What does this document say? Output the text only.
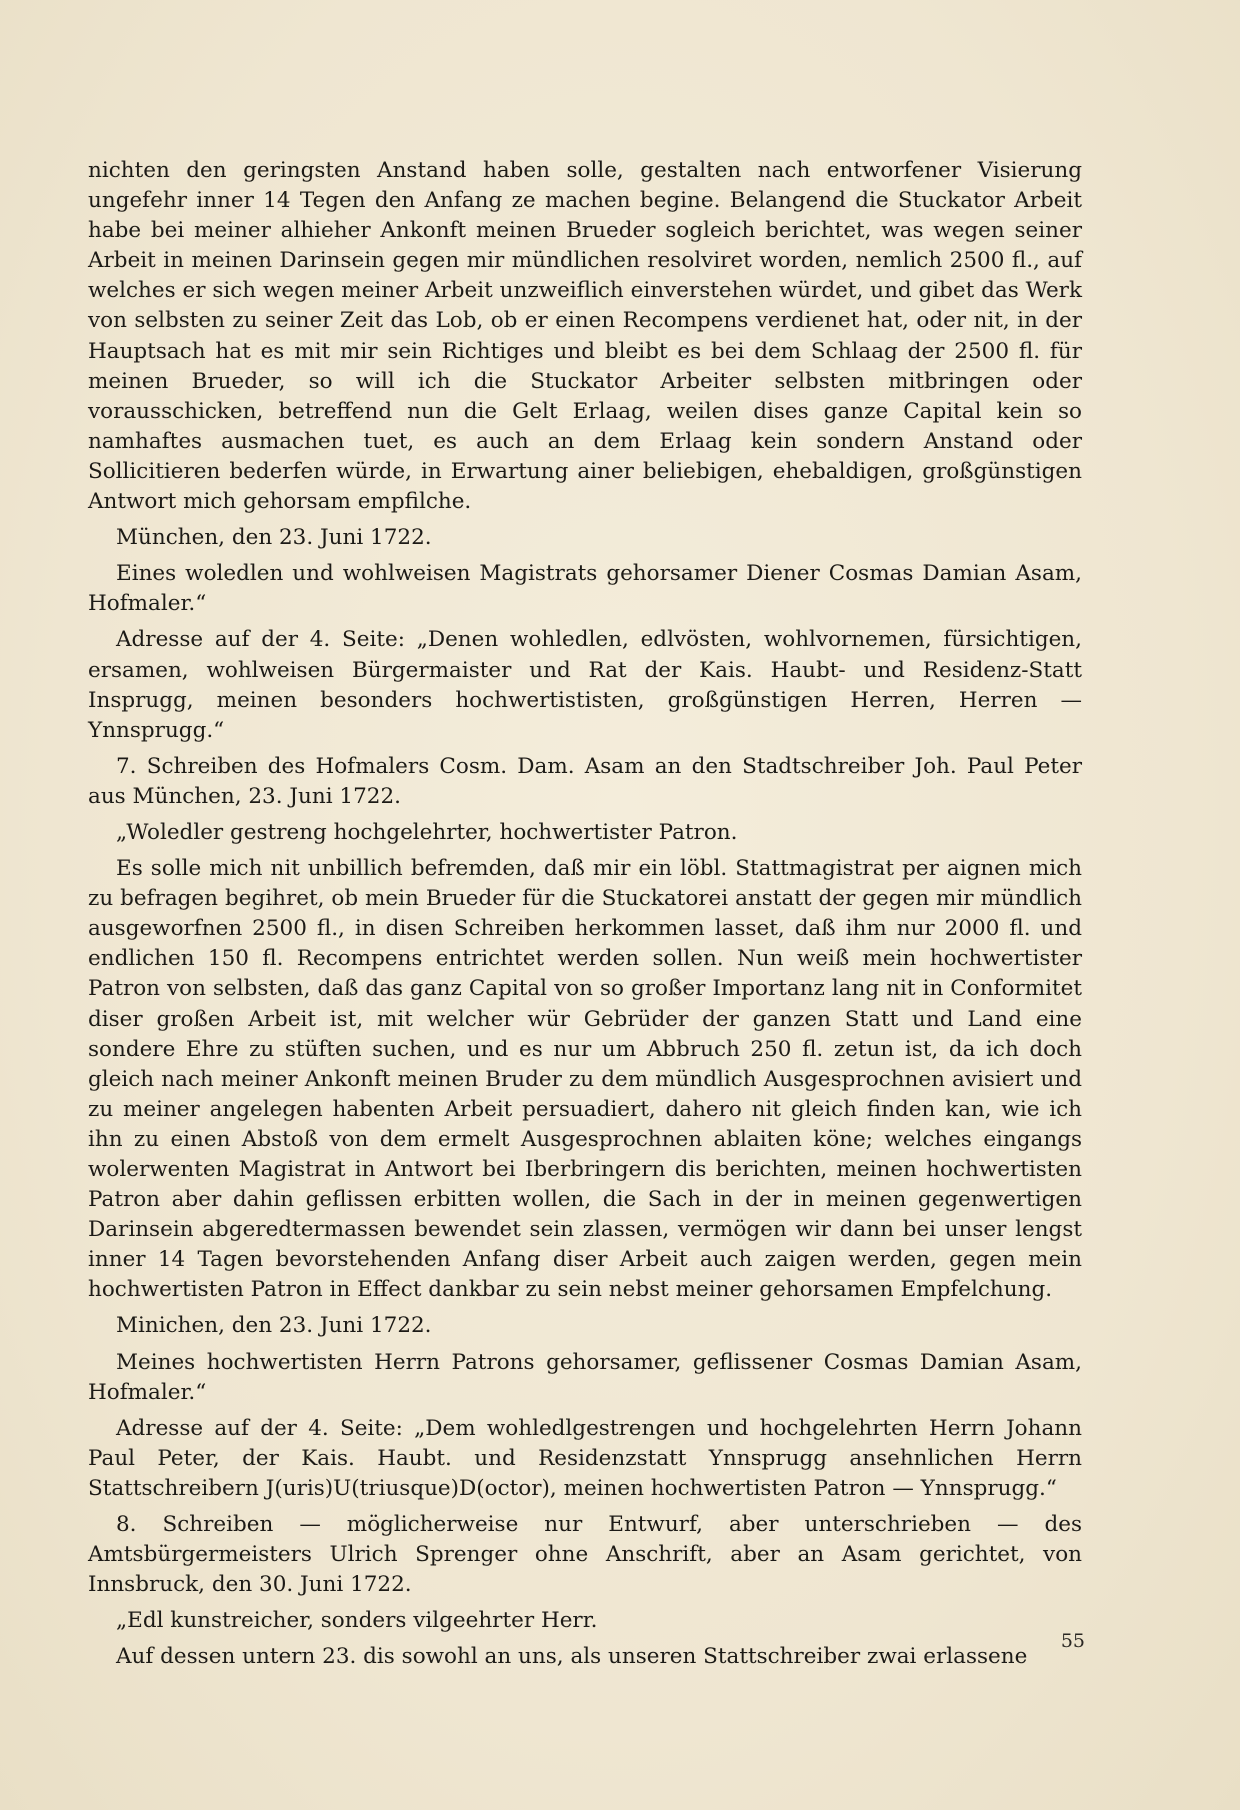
nichten den geringsten Anstand haben solle, gestalten nach entworfener Visierung ungefehr inner 14 Tegen den Anfang ze machen begine. Belangend die Stuckator Arbeit habe bei meiner alhieher Ankonft meinen Brueder sogleich berichtet, was wegen seiner Arbeit in meinen Darinsein gegen mir mündlichen resolviret worden, nemlich 2500 fl., auf welches er sich wegen meiner Arbeit unzweiflich einverstehen würdet, und gibet das Werk von selbsten zu seiner Zeit das Lob, ob er einen Recompens verdienet hat, oder nit, in der Hauptsach hat es mit mir sein Richtiges und bleibt es bei dem Schlaag der 2500 fl. für meinen Brueder, so will ich die Stuckator Arbeiter selbsten mitbringen oder vorausschicken, betreffend nun die Gelt Erlaag, weilen dises ganze Capital kein so namhaftes ausmachen tuet, es auch an dem Erlaag kein sondern Anstand oder Sollicitieren bederfen würde, in Erwartung ainer beliebigen, ehebaldigen, großgünstigen Antwort mich gehorsam empfilche.

München, den 23. Juni 1722.

Eines woledlen und wohlweisen Magistrats gehorsamer Diener Cosmas Damian Asam, Hofmaler.“

Adresse auf der 4. Seite: „Denen wohledlen, edlvösten, wohlvornemen, fürsichtigen, ersamen, wohlweisen Bürgermaister und Rat der Kais. Haubt- und Residenz-Statt Insprugg, meinen besonders hochwertististen, großgünstigen Herren, Herren — Ynnsprugg.“

7. Schreiben des Hofmalers Cosm. Dam. Asam an den Stadtschreiber Joh. Paul Peter aus München, 23. Juni 1722.

„Woledler gestreng hochgelehrter, hochwertister Patron.

Es solle mich nit unbillich befremden, daß mir ein löbl. Stattmagistrat per aignen mich zu befragen begihret, ob mein Brueder für die Stuckatorei anstatt der gegen mir mündlich ausgeworfnen 2500 fl., in disen Schreiben herkommen lasset, daß ihm nur 2000 fl. und endlichen 150 fl. Recompens entrichtet werden sollen. Nun weiß mein hochwertister Patron von selbsten, daß das ganz Capital von so großer Importanz lang nit in Conformitet diser großen Arbeit ist, mit welcher wür Gebrüder der ganzen Statt und Land eine sondere Ehre zu stüften suchen, und es nur um Abbruch 250 fl. zetun ist, da ich doch gleich nach meiner Ankonft meinen Bruder zu dem mündlich Ausgesprochnen avisiert und zu meiner angelegen habenten Arbeit persuadiert, dahero nit gleich finden kan, wie ich ihn zu einen Abstoß von dem ermelt Ausgesprochnen ablaiten köne; welches eingangs wolerwenten Magistrat in Antwort bei Iberbringern dis berichten, meinen hochwertisten Patron aber dahin geflissen erbitten wollen, die Sach in der in meinen gegenwertigen Darinsein abgeredtermassen bewendet sein zlassen, vermögen wir dann bei unser lengst inner 14 Tagen bevorstehenden Anfang diser Arbeit auch zaigen werden, gegen mein hochwertisten Patron in Effect dankbar zu sein nebst meiner gehorsamen Empfelchung.

Minichen, den 23. Juni 1722.

Meines hochwertisten Herrn Patrons gehorsamer, geflissener Cosmas Damian Asam, Hofmaler.“

Adresse auf der 4. Seite: „Dem wohledlgestrengen und hochgelehrten Herrn Johann Paul Peter, der Kais. Haubt. und Residenzstatt Ynnsprugg ansehnlichen Herrn Stattschreibern J(uris)U(triusque)D(octor), meinen hochwertisten Patron — Ynnsprugg.“

8. Schreiben — möglicherweise nur Entwurf, aber unterschrieben — des Amtsbürgermeisters Ulrich Sprenger ohne Anschrift, aber an Asam gerichtet, von Innsbruck, den 30. Juni 1722.

„Edl kunstreicher, sonders vilgeehrter Herr.

Auf dessen untern 23. dis sowohl an uns, als unseren Stattschreiber zwai erlassene

55
